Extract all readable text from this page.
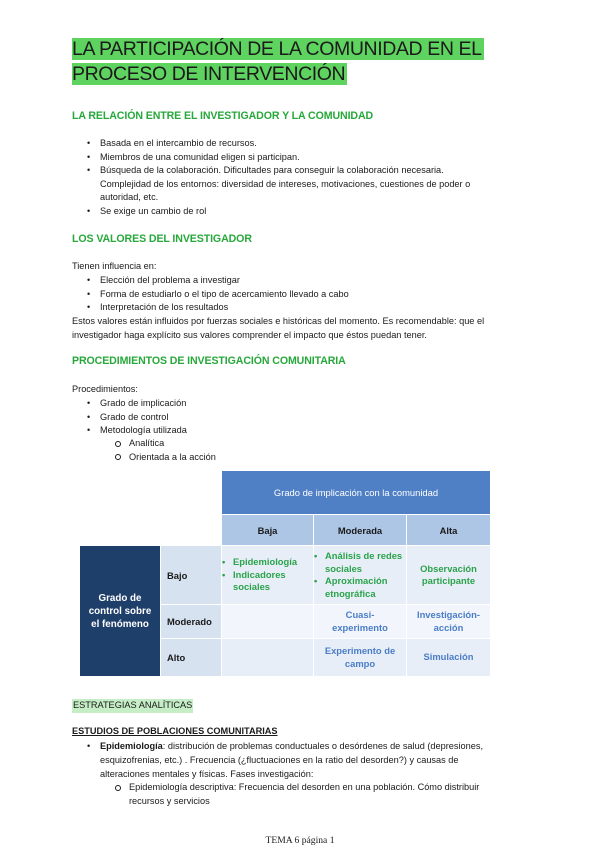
LA PARTICIPACIÓN DE LA COMUNIDAD EN EL PROCESO DE INTERVENCIÓN
LA RELACIÓN ENTRE EL INVESTIGADOR Y LA COMUNIDAD
• Basada en el intercambio de recursos.
• Miembros de una comunidad eligen si participan.
• Búsqueda de la colaboración. Dificultades para conseguir la colaboración necesaria.
Complejidad de los entornos: diversidad de intereses, motivaciones, cuestiones de poder o
autoridad, etc.
• Se exige un cambio de rol
LOS VALORES DEL INVESTIGADOR
Tienen influencia en:
• Elección del problema a investigar
• Forma de estudiarlo o el tipo de acercamiento llevado a cabo
• Interpretación de los resultados
Estos valores están influidos por fuerzas sociales e históricas del momento. Es recomendable: que el
investigador haga explícito sus valores comprender el impacto que éstos puedan tener.
PROCEDIMIENTOS DE INVESTIGACIÓN COMUNITARIA
Procedimientos:
• Grado de implicación
• Grado de control
• Metodología utilizada
Analítica
Orientada a la acción
Grado de implicación con la comunidad
Baja	Moderada	Alta
Grado de control sobre el fenómeno
Bajo
Moderado
Alto
• Epidemiología
• Indicadores sociales
• Análisis de redes sociales
• Aproximación etnográfica
Observación participante
Cuasi-experimento
Investigación-acción
Experimento de campo
Simulación
ESTRATEGIAS ANALÍTICAS
ESTUDIOS DE POBLACIONES COMUNITARIAS
• Epidemiología: distribución de problemas conductuales o desórdenes de salud (depresiones,
esquizofrenias, etc.) . Frecuencia (¿fluctuaciones en la ratio del desorden?) y causas de
alteraciones mentales y físicas. Fases investigación:
Epidemiología descriptiva: Frecuencia del desorden en una población. Cómo distribuir
recursos y servicios
TEMA 6 página 1
